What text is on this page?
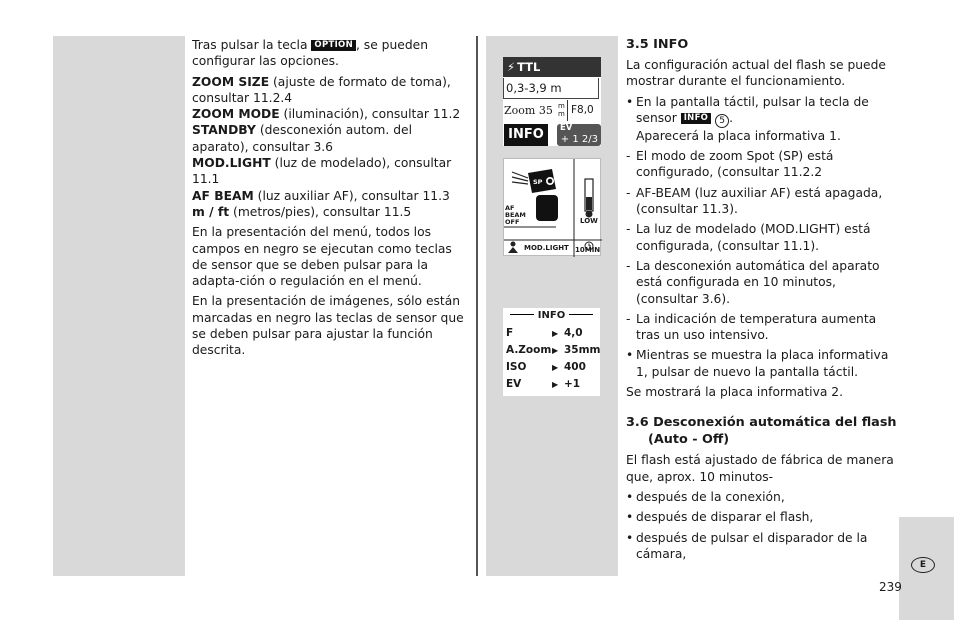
Tras pulsar la tecla OPTION , se pueden configurar las opciones.

ZOOM SIZE (ajuste de formato de toma), consultar 11.2.4
ZOOM MODE (iluminación), consultar 11.2
STANDBY (desconexión autom. del aparato), consultar 3.6
MOD.LIGHT (luz de modelado), consultar 11.1
AF BEAM (luz auxiliar AF), consultar 11.3
m / ft (metros/pies), consultar 11.5

En la presentación del menú, todos los campos en negro se ejecutan como teclas de sensor que se deben pulsar para la adapta-ción o regulación en el menú.

En la presentación de imágenes, sólo están marcadas en negro las teclas de sensor que se deben pulsar para ajustar la función descrita.

⚡ TTL
0,3-3,9 m
Zoom 35 m
m F8,0
INFO	EV
+ 1 2/3
SP
AF BEAM OFF	LOW
MOD.LIGHT 10MIN
INFO
F	▶ 4,0
A.Zoom ▶ 35mm
ISO	▶ 400
EV	▶ +1
3.5 INFO

La configuración actual del flash se puede mostrar durante el funcionamiento.

• En la pantalla táctil, pulsar la tecla de sensor INFO 5 .
Aparecerá la placa informativa 1.
- El modo de zoom Spot (SP) está configurado, (consultar 11.2.2
- AF-BEAM (luz auxiliar AF) está apagada, (consultar 11.3).
- La luz de modelado (MOD.LIGHT) está configurada, (consultar 11.1).
- La desconexión automática del aparato está configurada en 10 minutos, (consultar 3.6).
- La indicación de temperatura aumenta tras un uso intensivo.
• Mientras se muestra la placa informativa 1, pulsar de nuevo la pantalla táctil.

Se mostrará la placa informativa 2.

3.6 Desconexión automática del flash
(Auto - Off)

El flash está ajustado de fábrica de manera que, aprox. 10 minutos-

• después de la conexión,
• después de disparar el flash,
• después de pulsar el disparador de la cámara,
E
239
